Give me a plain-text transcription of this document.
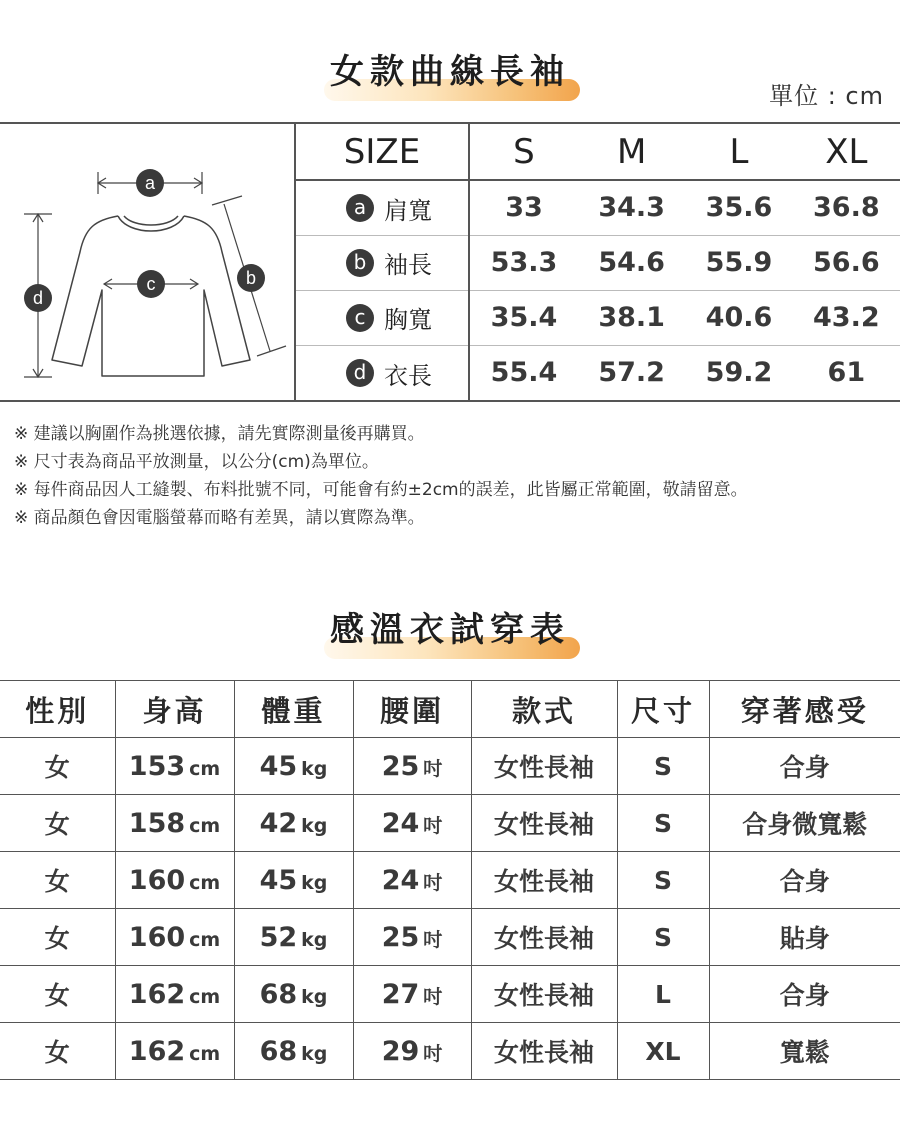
女款曲線長袖
單位 : cm
a
b
c
d
SIZE	S	M	L	XL

a 肩寬	33	34.3	35.6	36.8

b 袖長	53.3	54.6	55.9	56.6

c 胸寬	35.4	38.1	40.6	43.2

d 衣長	55.4	57.2	59.2	61
※ 建議以胸圍作為挑選依據，請先實際測量後再購買。
※ 尺寸表為商品平放測量，以公分(cm)為單位。
※ 每件商品因人工縫製、布料批號不同，可能會有約±2cm的誤差，此皆屬正常範圍，敬請留意。
※ 商品顏色會因電腦螢幕而略有差異，請以實際為準。
感溫衣試穿表
性別	身高	體重	腰圍	款式	尺寸	穿著感受
女	153 cm	45 kg	25 吋	女性長袖	S	合身
女	158 cm	42 kg	24 吋	女性長袖	S	合身微寬鬆
女	160 cm	45 kg	24 吋	女性長袖	S	合身
女	160 cm	52 kg	25 吋	女性長袖	S	貼身
女	162 cm	68 kg	27 吋	女性長袖	L	合身
女	162 cm	68 kg	29 吋	女性長袖	XL	寬鬆
